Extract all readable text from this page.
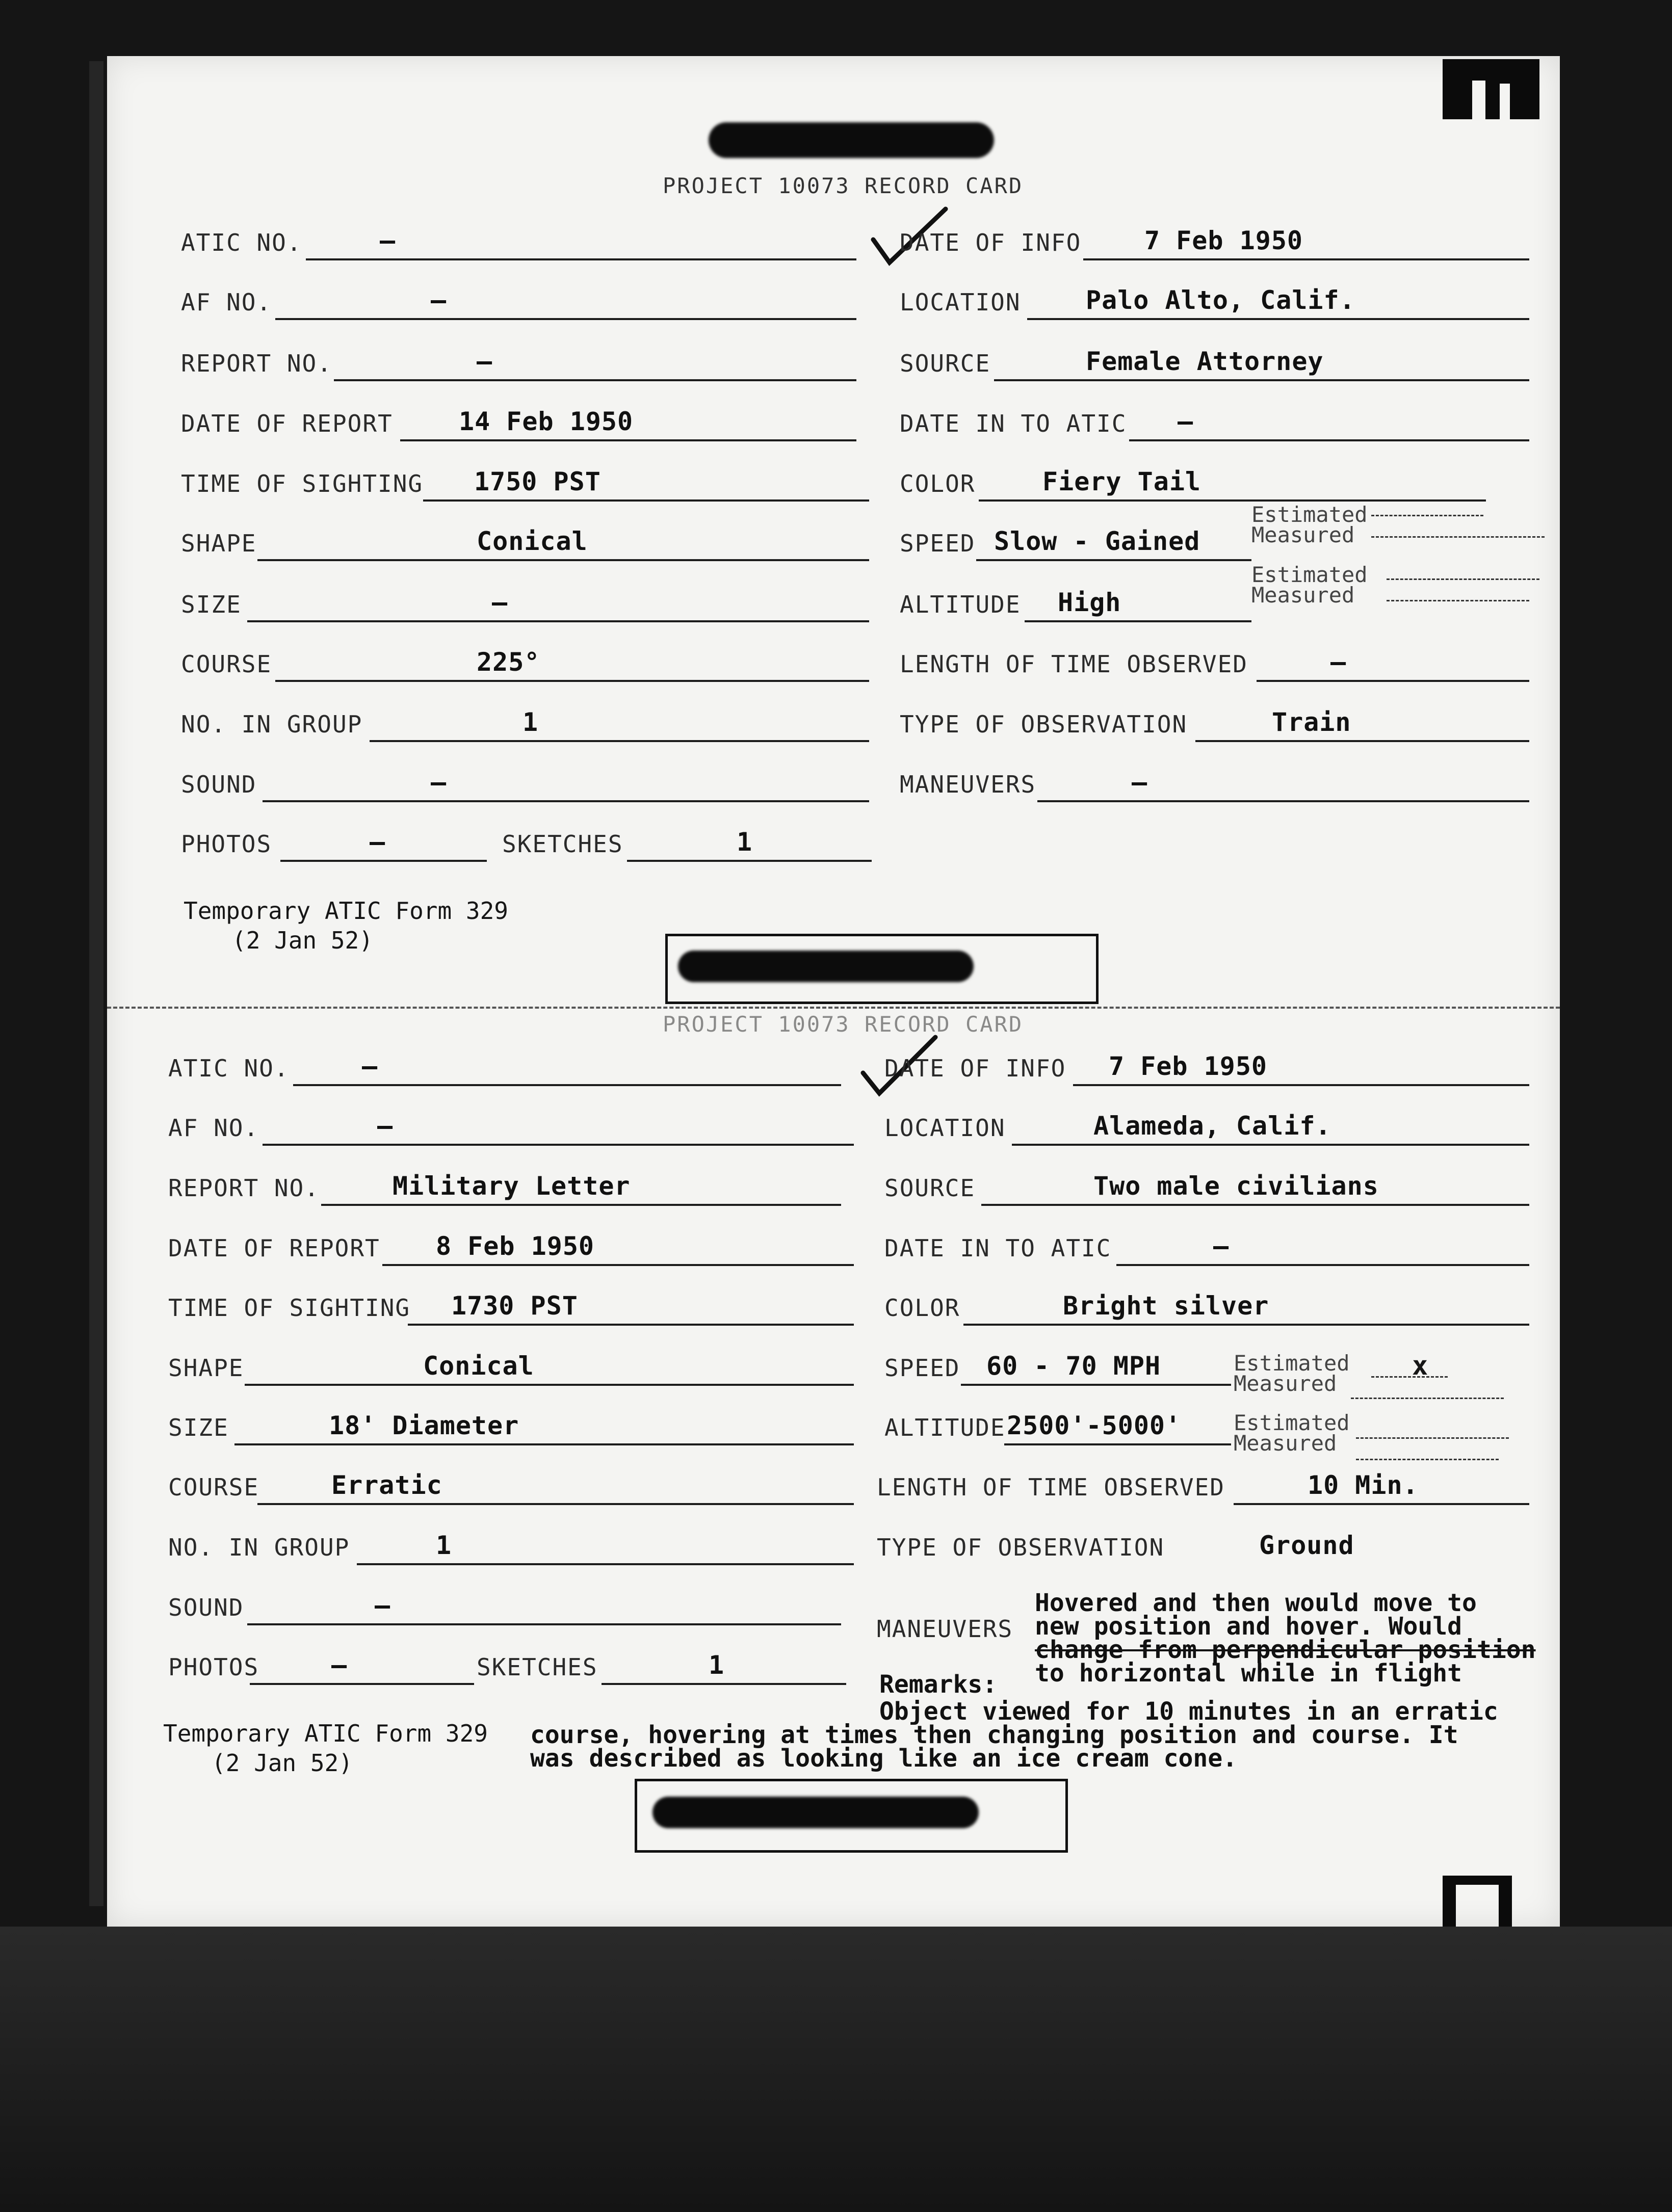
PROJECT 10073 RECORD CARD
ATIC NO.	—
AF NO.	—
REPORT NO.	—
DATE OF REPORT	14 Feb 1950
TIME OF SIGHTING 1750 PST
SHAPE	Conical
SIZE	—
COURSE	225°
NO. IN GROUP	1
SOUND	—
PHOTOS	—	SKETCHES	1
DATE OF INFO 7 Feb 1950
LOCATION	Palo Alto, Calif.
SOURCE	Female Attorney
DATE IN TO ATIC —
COLOR	Fiery Tail
SPEED Slow - Gained
Estimated
Measured
ALTITUDE High
Estimated
Measured
LENGTH OF TIME OBSERVED	—
TYPE OF OBSERVATION	Train
MANEUVERS	—
Temporary ATIC Form 329
(2 Jan 52)
PROJECT 10073 RECORD CARD
ATIC NO.	—
AF NO.	—
REPORT NO.	Military Letter
DATE OF REPORT 8 Feb 1950
TIME OF SIGHTING 1730 PST
SHAPE	Conical
SIZE	18' Diameter
COURSE	Erratic
NO. IN GROUP	1
SOUND	—
PHOTOS	—	SKETCHES	1
DATE OF INFO 7 Feb 1950
LOCATION	Alameda, Calif.
SOURCE	Two male civilians
DATE IN TO ATIC	—
COLOR	Bright silver
SPEED 60 - 70 MPH	Estimated
Measured
x
ALTITUDE 2500'-5000' Estimated
Measured
LENGTH OF TIME OBSERVED	10 Min.
TYPE OF OBSERVATION	Ground
MANEUVERS
Hovered and then would move to
new position and hover. Would
change from perpendicular position
to horizontal while in flight
Remarks:
Object viewed for 10 minutes in an erratic
course, hovering at times then changing position and course. It
was described as looking like an ice cream cone.
Temporary ATIC Form 329
(2 Jan 52)
